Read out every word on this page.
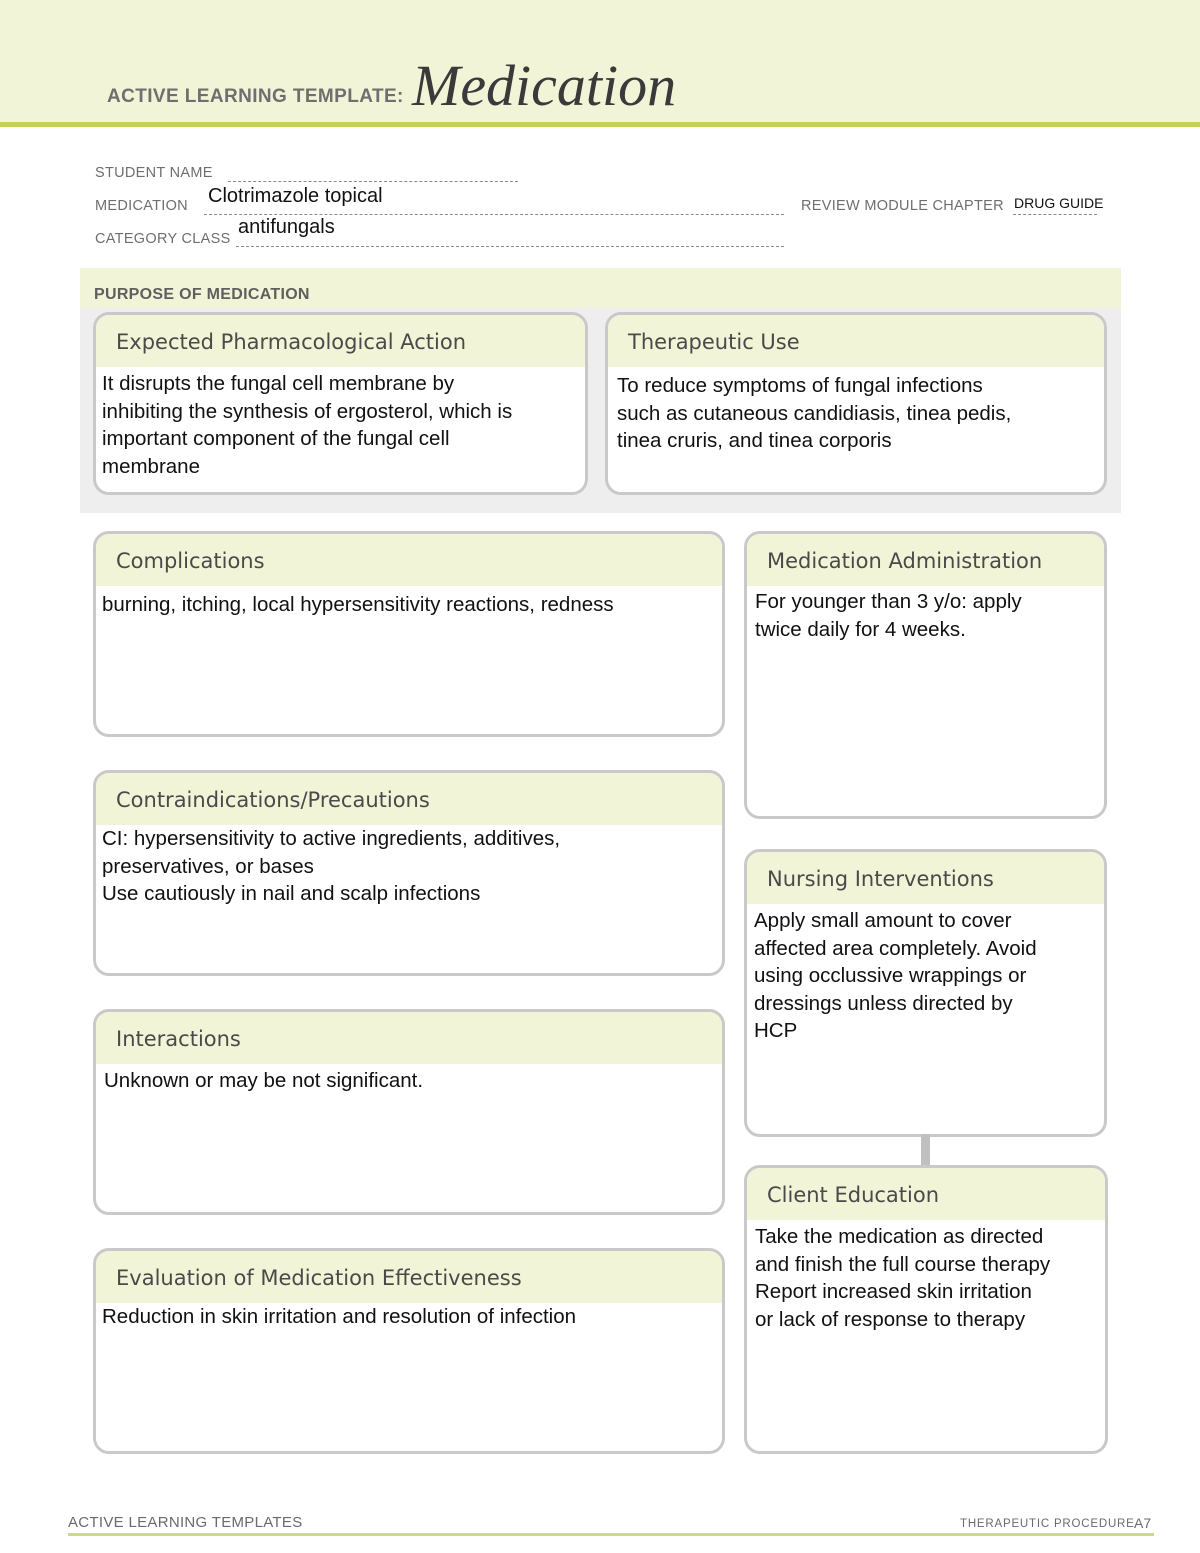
ACTIVE LEARNING TEMPLATE: Medication
STUDENT NAME
MEDICATION Clotrimazole topical	REVIEW MODULE CHAPTER DRUG GUIDE
CATEGORY CLASS
antifungals
PURPOSE OF MEDICATION
Expected Pharmacological Action
It disrupts the fungal cell membrane by
inhibiting the synthesis of ergosterol, which is
important component of the fungal cell
membrane
Therapeutic Use
To reduce symptoms of fungal infections
such as cutaneous candidiasis, tinea pedis,
tinea cruris, and tinea corporis
Complications
burning, itching, local hypersensitivity reactions, redness
Contraindications/Precautions
CI: hypersensitivity to active ingredients, additives,
preservatives, or bases
Use cautiously in nail and scalp infections
Interactions
Unknown or may be not significant.
Evaluation of Medication Effectiveness
Reduction in skin irritation and resolution of infection
Medication Administration
For younger than 3 y/o: apply
twice daily for 4 weeks.
Nursing Interventions
Apply small amount to cover
affected area completely. Avoid
using occlussive wrappings or
dressings unless directed by
HCP
Client Education
Take the medication as directed
and finish the full course therapy
Report increased skin irritation
or lack of response to therapy
ACTIVE LEARNING TEMPLATES	THERAPEUTIC PROCEDURE A7
